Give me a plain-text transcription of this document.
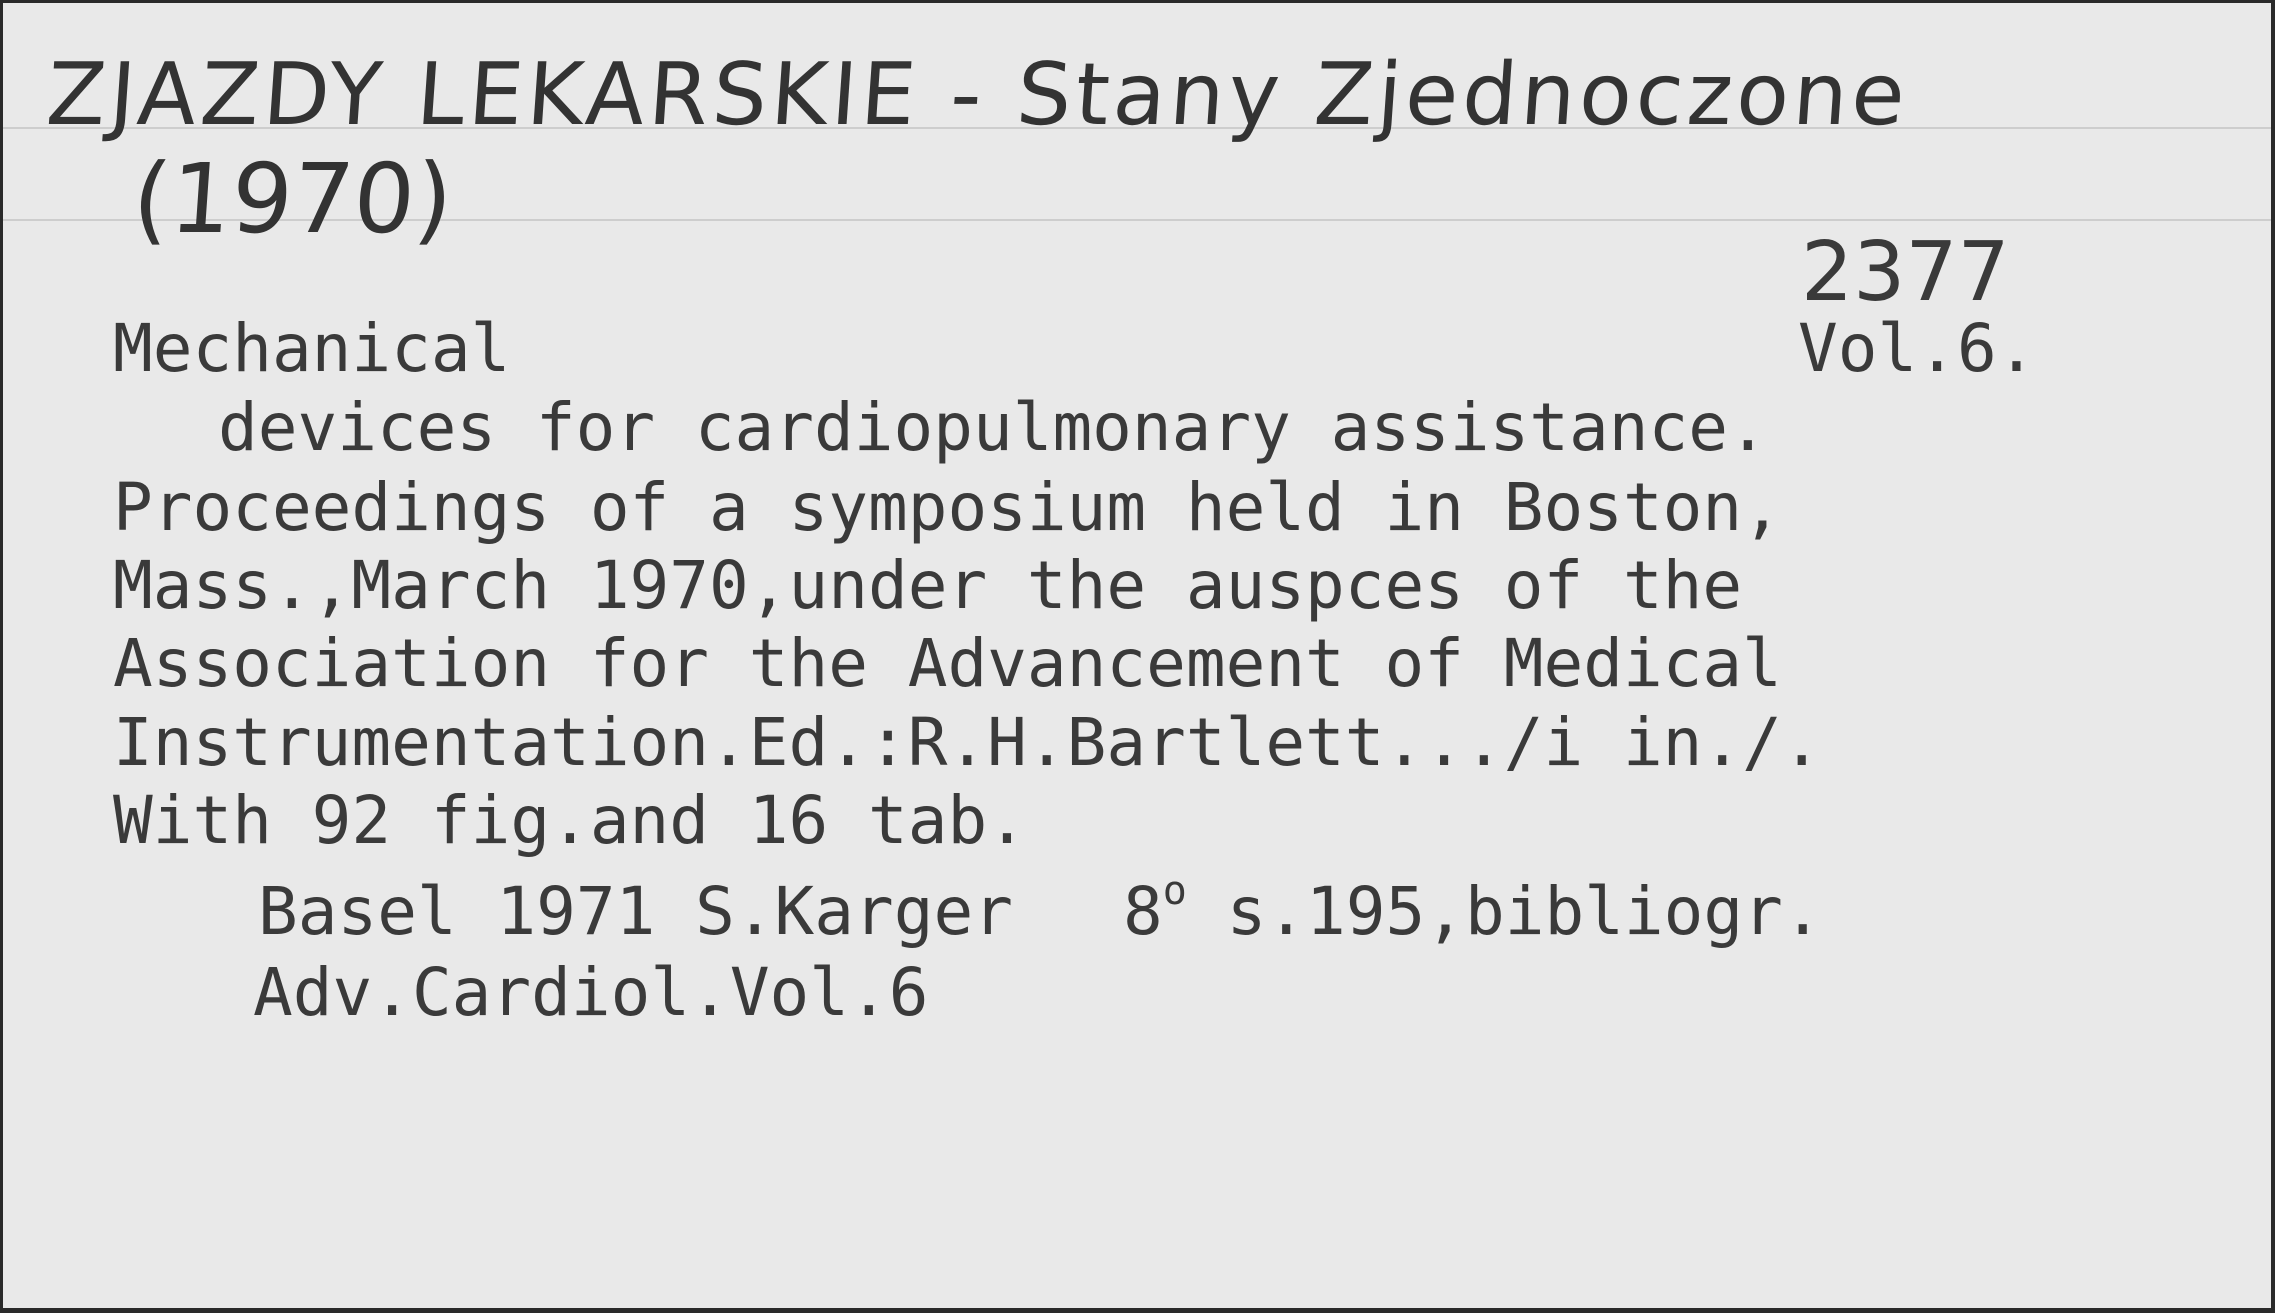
ZJAZDY LEKARSKIE - Stany Zjednoczone
(1970)
2377
Vol.6.
Mechanical
devices for cardiopulmonary assistance.
Proceedings of a symposium held in Boston,
Mass.,March 1970,under the auspces of the
Association for the Advancement of Medical
Instrumentation.Ed.:R.H.Bartlett.../i in./.
With 92 fig.and 16 tab.
Basel 1971 S.Karger 8$^o$ s.195,bibliogr.
Adv.Cardiol.Vol.6
